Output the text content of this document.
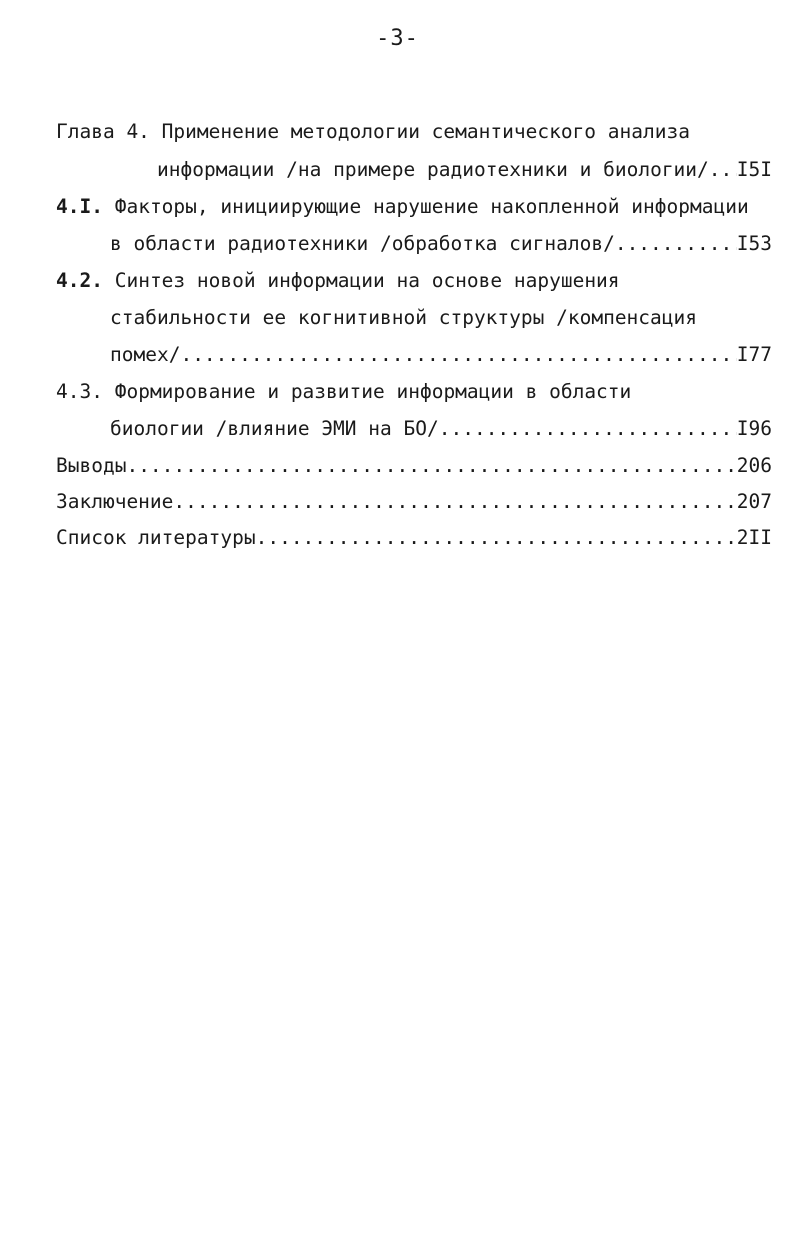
-3-
Глава 4. Применение методологии семантического анализа
информации /на примере радиотехники и биологии/ ..... I5I
4.I. Факторы, инициирующие нарушение накопленной информации
в области радиотехники /обработка сигналов/ .....	I53
4.2. Синтез новой информации на основе нарушения
стабильности ее когнитивной структуры /компенсация
помех/ .....	I77
4.3. Формирование и развитие информации в области
биологии /влияние ЭМИ на БО/ .....	I96
Выводы .....	206
Заключение .....	207
Список литературы .....	2II
